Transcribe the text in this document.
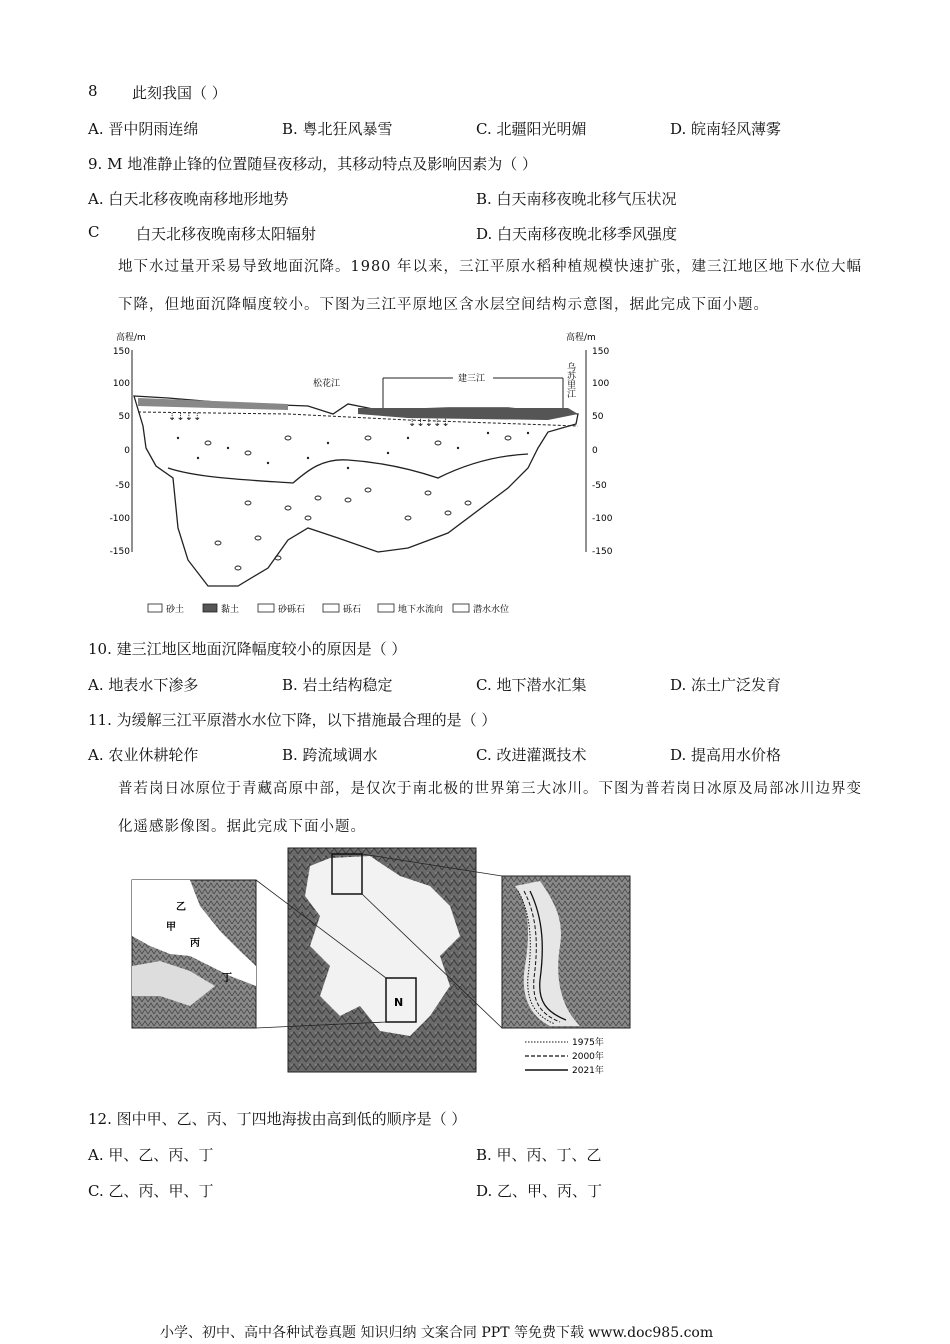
8 此刻我国（ ）
A. 晋中阴雨连绵	B. 粤北狂风暴雪	C. 北疆阳光明媚	D. 皖南轻风薄雾
9. M 地准静止锋的位置随昼夜移动，其移动特点及影响因素为（ ）
A. 白天北移夜晚南移地形地势	B. 白天南移夜晚北移气压状况
C 白天北移夜晚南移太阳辐射	D. 白天南移夜晚北移季风强度
地下水过量开采易导致地面沉降。1980 年以来，三江平原水稻种植规模快速扩张，建三江地区地下水位大幅下降，但地面沉降幅度较小。下图为三江平原地区含水层空间结构示意图，据此完成下面小题。
高程/m
150
100
50
0
-50
-100
-150
高程/m
150
100
50
0
-50
-100
-150
⇣⇣⇣⇣
⇣⇣⇣⇣⇣
松花江	建三江	乌苏里江
砂土	黏土	砂砾石	砾石	地下水流向	潜水水位
10. 建三江地区地面沉降幅度较小的原因是（ ）
A. 地表水下渗多	B. 岩土结构稳定	C. 地下潜水汇集	D. 冻土广泛发育
11. 为缓解三江平原潜水水位下降，以下措施最合理的是（ ）
A. 农业休耕轮作	B. 跨流域调水	C. 改进灌溉技术	D. 提高用水价格
普若岗日冰原位于青藏高原中部，是仅次于南北极的世界第三大冰川。下图为普若岗日冰原及局部冰川边界变化遥感影像图。据此完成下面小题。
乙
甲
丙
丁
N
1975年
2000年
2021年
12. 图中甲、乙、丙、丁四地海拔由高到低的顺序是（ ）
A. 甲、乙、丙、丁	B. 甲、丙、丁、乙
C. 乙、丙、甲、丁	D. 乙、甲、丙、丁
小学、初中、高中各种试卷真题 知识归纳 文案合同 PPT 等免费下载 www.doc985.com
